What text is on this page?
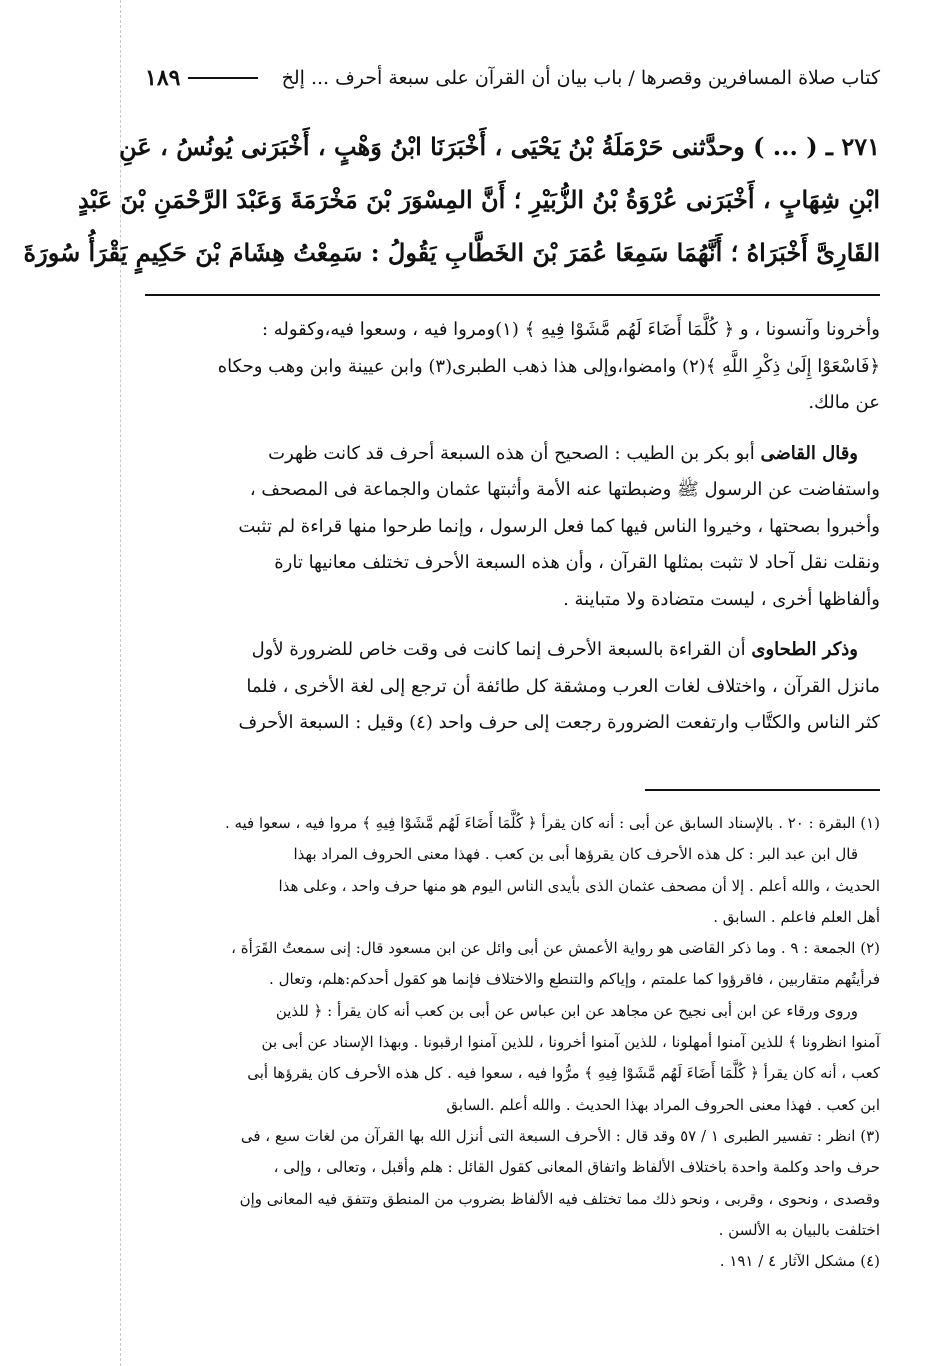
كتاب صلاة المسافرين وقصرها / باب بيان أن القرآن على سبعة أحرف ... إلخ
١٨٩
٢٧١ ـ ( ... ) وحدَّثنى حَرْمَلَةُ بْنُ يَحْيَى ، أَخْبَرَنَا ابْنُ وَهْبٍ ، أَخْبَرَنى يُونُسُ ، عَنِ
ابْنِ شِهَابٍ ، أَخْبَرَنى عُرْوَةُ بْنُ الزُّبَيْرِ ؛ أَنَّ المِسْوَرَ بْنَ مَخْرَمَةَ وَعَبْدَ الرَّحْمَنِ بْنَ عَبْدٍ
القَارِىَّ أَخْبَرَاهُ ؛ أَنَّهُمَا سَمِعَا عُمَرَ بْنَ الخَطَّابِ يَقُولُ : سَمِعْتُ هِشَامَ بْنَ حَكِيمٍ يَقْرَأُ سُورَةَ

وأخرونا وآنسونا ، و ﴿ كُلَّمَا أَضَاءَ لَهُم مَّشَوْا فِيهِ ﴾ (١)ومروا فيه ، وسعوا فيه،وكقوله :
﴿فَاسْعَوْا إِلَىٰ ذِكْرِ اللَّهِ ﴾(٢) وامضوا،وإلى هذا ذهب الطبرى(٣) وابن عيينة وابن وهب وحكاه
عن مالك.

وقال القاضى أبو بكر بن الطيب : الصحيح أن هذه السبعة أحرف قد كانت ظهرت
واستفاضت عن الرسول ﷺ وضبطتها عنه الأمة وأثبتها عثمان والجماعة فى المصحف ،
وأخبروا بصحتها ، وخيروا الناس فيها كما فعل الرسول ، وإنما طرحوا منها قراءة لم تثبت
ونقلت نقل آحاد لا تثبت بمثلها القرآن ، وأن هذه السبعة الأحرف تختلف معانيها تارة
وألفاظها أخرى ، ليست متضادة ولا متباينة .

وذكر الطحاوى أن القراءة بالسبعة الأحرف إنما كانت فى وقت خاص للضرورة لأول
مانزل القرآن ، واختلاف لغات العرب ومشقة كل طائفة أن ترجع إلى لغة الأخرى ، فلما
كثر الناس والكتَّاب وارتفعت الضرورة رجعت إلى حرف واحد (٤) وقيل : السبعة الأحرف

(١) البقرة : ٢٠ . بالإسناد السابق عن أبى : أنه كان يقرأ ﴿ كُلَّمَا أَضَاءَ لَهُم مَّشَوْا فِيهِ ﴾ مروا فيه ، سعوا فيه .
قال ابن عبد البر : كل هذه الأحرف كان يقرؤها أبى بن كعب . فهذا معنى الحروف المراد بهذا
الحديث ، والله أعلم . إلا أن مصحف عثمان الذى بأيدى الناس اليوم هو منها حرف واحد ، وعلى هذا
أهل العلم فاعلم . السابق .
(٢) الجمعة : ٩ . وما ذكر القاضى هو رواية الأعمش عن أبى وائل عن ابن مسعود قال: إنى سمعتُ القَرَأة ،
فرأيتُهم متقاربين ، فاقرؤوا كما علمتم ، وإياكم والتنطع والاختلاف فإنما هو كقول أحدكم:هلم، وتعال .
وروى ورقاء عن ابن أبى نجيح عن مجاهد عن ابن عباس عن أبى بن كعب أنه كان يقرأ : ﴿ للذين
آمنوا انظرونا ﴾ للذين آمنوا أمهلونا ، للذين آمنوا أخرونا ، للذين آمنوا ارقبونا . وبهذا الإسناد عن أبى بن
كعب ، أنه كان يقرأ ﴿ كُلَّمَا أَضَاءَ لَهُم مَّشَوْا فِيهِ ﴾ مرُّوا فيه ، سعوا فيه . كل هذه الأحرف كان يقرؤها أبى
ابن كعب . فهذا معنى الحروف المراد بهذا الحديث . والله أعلم .السابق
(٣) انظر : تفسير الطبرى ١ / ٥٧ وقد قال : الأحرف السبعة التى أنزل الله بها القرآن من لغات سبع ، فى
حرف واحد وكلمة واحدة باختلاف الألفاظ واتفاق المعانى كقول القائل : هلم وأقبل ، وتعالى ، وإلى ،
وقصدى ، ونحوى ، وقربى ، ونحو ذلك مما تختلف فيه الألفاظ بضروب من المنطق وتتفق فيه المعانى وإن
اختلفت بالبيان به الألسن .
(٤) مشكل الآثار ٤ / ١٩١ .
